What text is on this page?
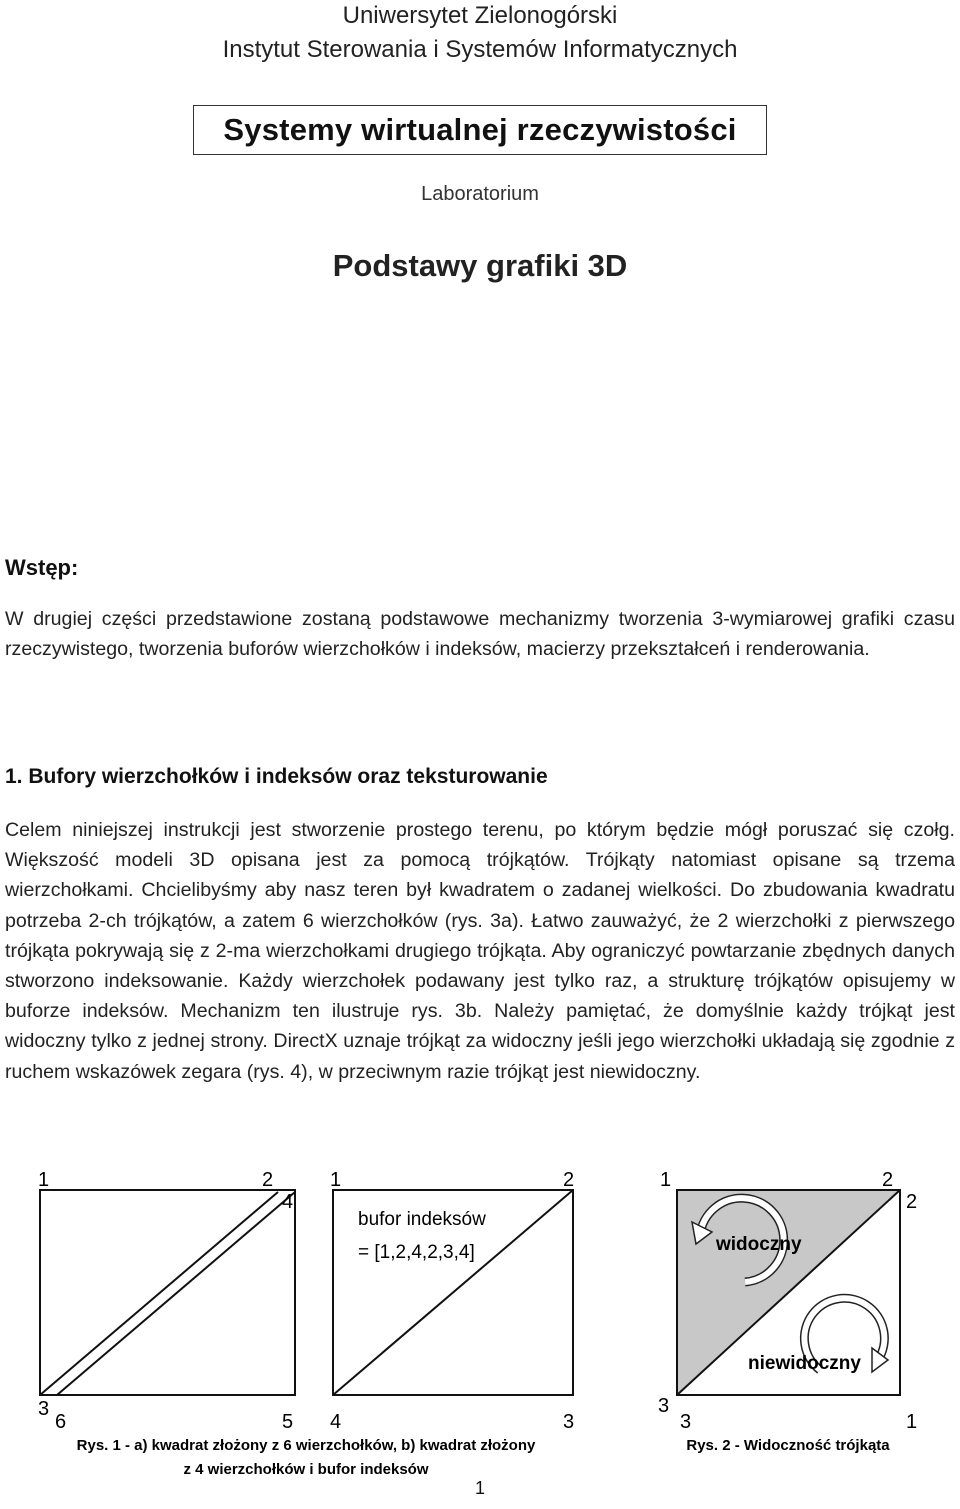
Uniwersytet Zielonogórski
Instytut Sterowania i Systemów Informatycznych
Systemy wirtualnej rzeczywistości
Laboratorium
Podstawy grafiki 3D
Wstęp:
W drugiej części przedstawione zostaną podstawowe mechanizmy tworzenia 3-wymiarowej grafiki czasu rzeczywistego, tworzenia buforów wierzchołków i indeksów, macierzy przekształceń i renderowania.
1. Bufory wierzchołków i indeksów oraz teksturowanie
Celem niniejszej instrukcji jest stworzenie prostego terenu, po którym będzie mógł poruszać się czołg. Większość modeli 3D opisana jest za pomocą trójkątów. Trójkąty natomiast opisane są trzema wierzchołkami. Chcielibyśmy aby nasz teren był kwadratem o zadanej wielkości. Do zbudowania kwadratu potrzeba 2-ch trójkątów, a zatem 6 wierzchołków (rys. 3a). Łatwo zauważyć, że 2 wierzchołki z pierwszego trójkąta pokrywają się z 2-ma wierzchołkami drugiego trójkąta. Aby ograniczyć powtarzanie zbędnych danych stworzono indeksowanie. Każdy wierzchołek podawany jest tylko raz, a strukturę trójkątów opisujemy w buforze indeksów. Mechanizm ten ilustruje rys. 3b. Należy pamiętać, że domyślnie każdy trójkąt jest widoczny tylko z jednej strony. DirectX uznaje trójkąt za widoczny jeśli jego wierzchołki układają się zgodnie z ruchem wskazówek zegara (rys. 4), w przeciwnym razie trójkąt jest niewidoczny.
1	2
4
3
6	5
1	2
4	3
bufor indeksów
= [1,2,4,2,3,4]	widoczny
niewidoczny
1	2
2
3
3	1
Rys. 1 - a) kwadrat złożony z 6 wierzchołków, b) kwadrat złożony
z 4 wierzchołków i bufor indeksów
Rys. 2 - Widoczność trójkąta
1
